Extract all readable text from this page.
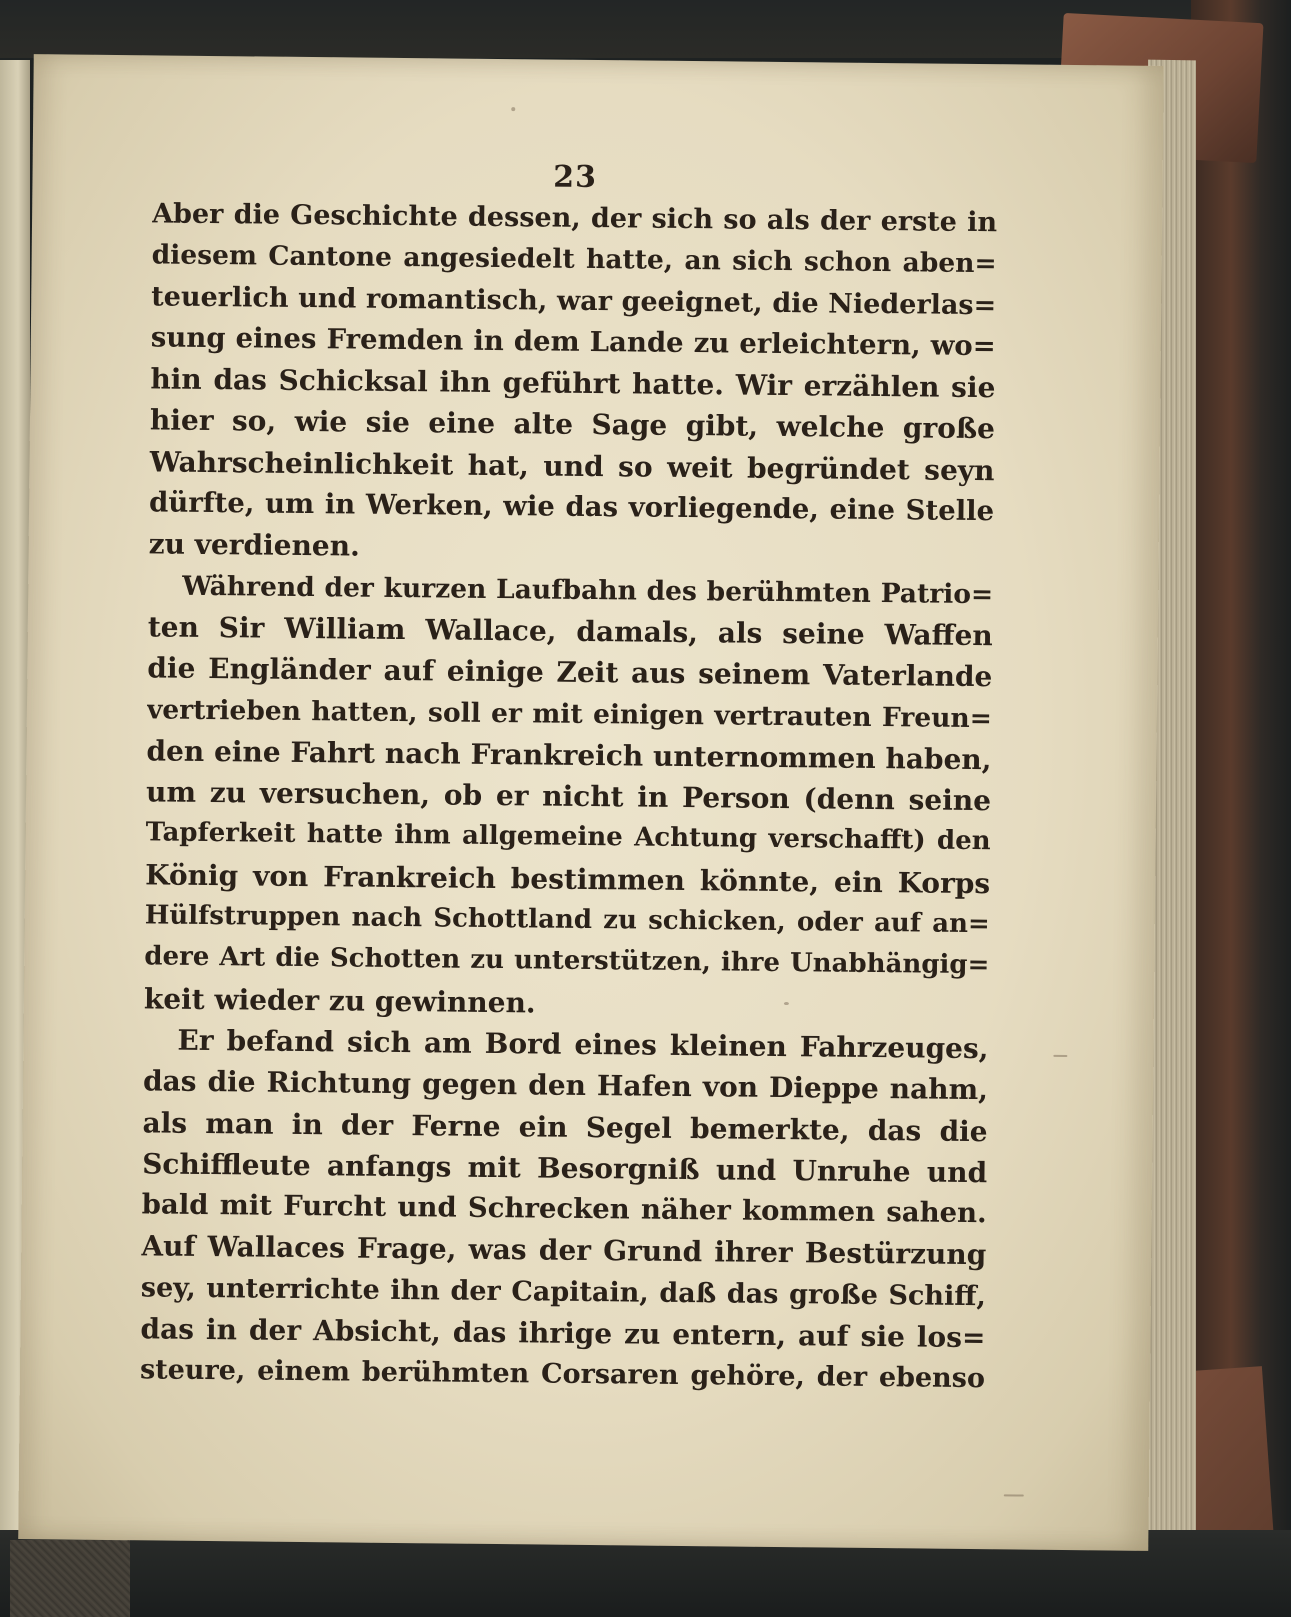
23
Aber die Geschichte dessen, der sich so als der erste in
diesem Cantone angesiedelt hatte, an sich schon aben=
teuerlich und romantisch, war geeignet, die Niederlas=
sung eines Fremden in dem Lande zu erleichtern, wo=
hin das Schicksal ihn geführt hatte. Wir erzählen sie
hier so, wie sie eine alte Sage gibt, welche große
Wahrscheinlichkeit hat, und so weit begründet seyn
dürfte, um in Werken, wie das vorliegende, eine Stelle
zu verdienen.
Während der kurzen Laufbahn des berühmten Patrio=
ten Sir William Wallace, damals, als seine Waffen
die Engländer auf einige Zeit aus seinem Vaterlande
vertrieben hatten, soll er mit einigen vertrauten Freun=
den eine Fahrt nach Frankreich unternommen haben,
um zu versuchen, ob er nicht in Person (denn seine
Tapferkeit hatte ihm allgemeine Achtung verschafft) den
König von Frankreich bestimmen könnte, ein Korps
Hülfstruppen nach Schottland zu schicken, oder auf an=
dere Art die Schotten zu unterstützen, ihre Unabhängig=
keit wieder zu gewinnen.
Er befand sich am Bord eines kleinen Fahrzeuges,
das die Richtung gegen den Hafen von Dieppe nahm,
als man in der Ferne ein Segel bemerkte, das die
Schiffleute anfangs mit Besorgniß und Unruhe und
bald mit Furcht und Schrecken näher kommen sahen.
Auf Wallaces Frage, was der Grund ihrer Bestürzung
sey, unterrichte ihn der Capitain, daß das große Schiff,
das in der Absicht, das ihrige zu entern, auf sie los=
steure, einem berühmten Corsaren gehöre, der ebenso
